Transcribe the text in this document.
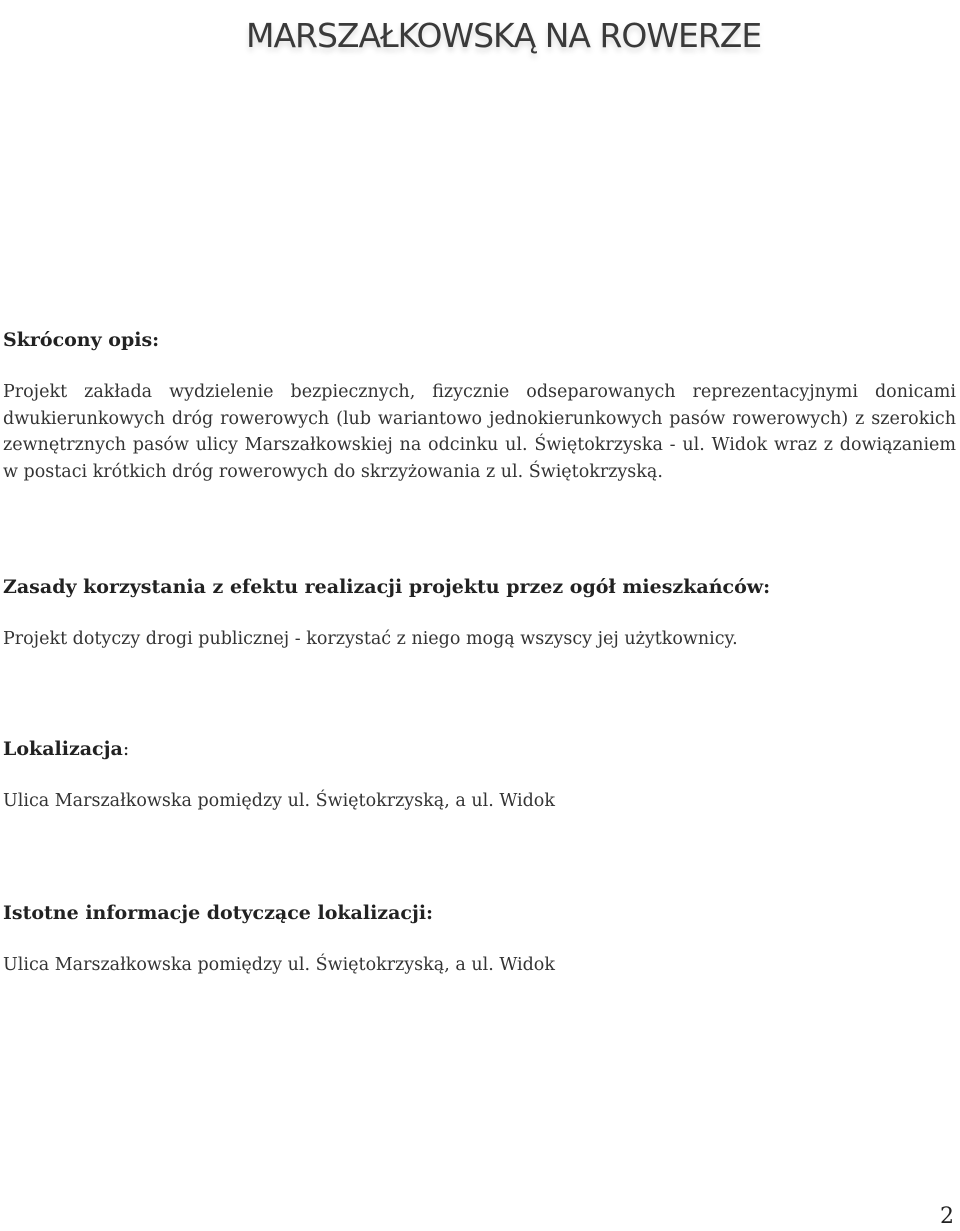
MARSZAŁKOWSKĄ NA ROWERZE

Skrócony opis:

Projekt zakłada wydzielenie bezpiecznych, fizycznie odseparowanych reprezentacyjnymi donicami dwukierunkowych dróg rowerowych (lub wariantowo jednokierunkowych pasów rowerowych) z szerokich zewnętrznych pasów ulicy Marszałkowskiej na odcinku ul. Świętokrzyska - ul. Widok wraz z dowiązaniem w postaci krótkich dróg rowerowych do skrzyżowania z ul. Świętokrzyską.

Zasady korzystania z efektu realizacji projektu przez ogół mieszkańców:

Projekt dotyczy drogi publicznej - korzystać z niego mogą wszyscy jej użytkownicy.

Lokalizacja:

Ulica Marszałkowska pomiędzy ul. Świętokrzyską, a ul. Widok

Istotne informacje dotyczące lokalizacji:

Ulica Marszałkowska pomiędzy ul. Świętokrzyską, a ul. Widok

2
